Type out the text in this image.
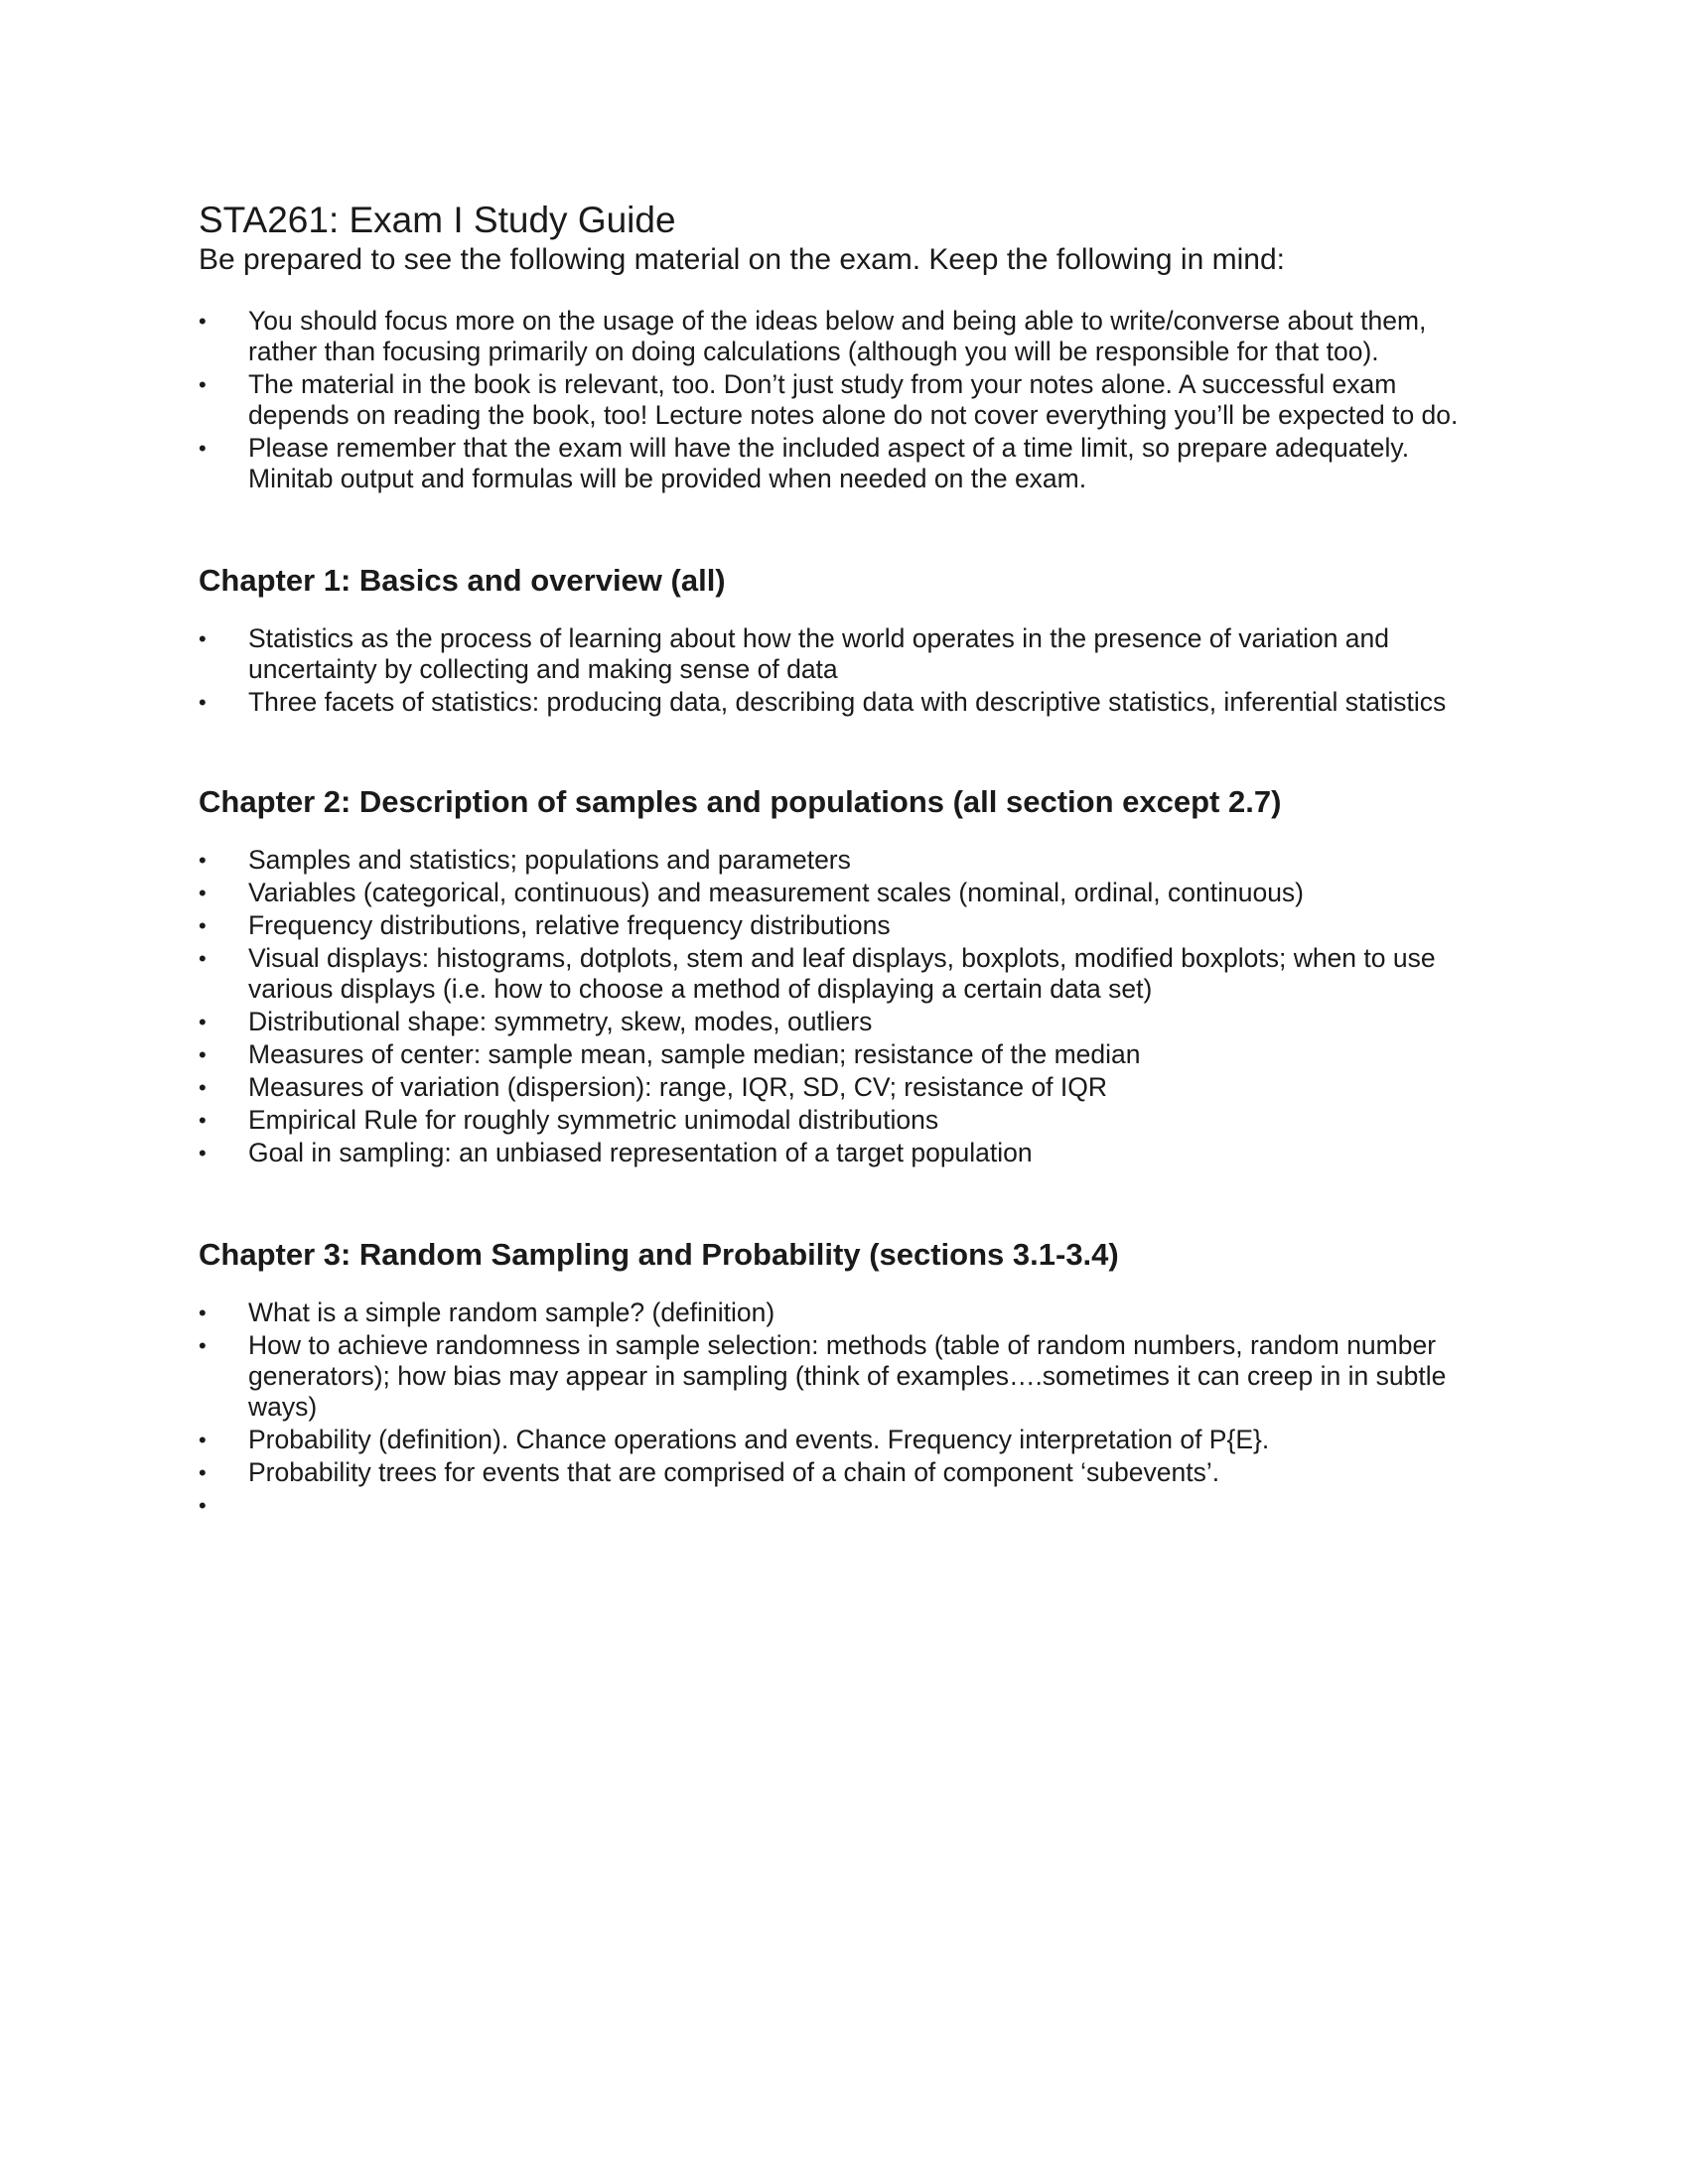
STA261: Exam I Study Guide
Be prepared to see the following material on the exam. Keep the following in mind:
•	You should focus more on the usage of the ideas below and being able to write/converse about them, rather than focusing primarily on doing calculations (although you will be responsible for that too).
•	The material in the book is relevant, too. Don’t just study from your notes alone. A successful exam depends on reading the book, too! Lecture notes alone do not cover everything you’ll be expected to do.
•	Please remember that the exam will have the included aspect of a time limit, so prepare adequately. Minitab output and formulas will be provided when needed on the exam.
Chapter 1: Basics and overview (all)
•	Statistics as the process of learning about how the world operates in the presence of variation and uncertainty by collecting and making sense of data
•	Three facets of statistics: producing data, describing data with descriptive statistics, inferential statistics
Chapter 2: Description of samples and populations (all section except 2.7)
•	Samples and statistics; populations and parameters
•	Variables (categorical, continuous) and measurement scales (nominal, ordinal, continuous)
•	Frequency distributions, relative frequency distributions
•	Visual displays: histograms, dotplots, stem and leaf displays, boxplots, modified boxplots; when to use various displays (i.e. how to choose a method of displaying a certain data set)
•	Distributional shape: symmetry, skew, modes, outliers
•	Measures of center: sample mean, sample median; resistance of the median
•	Measures of variation (dispersion): range, IQR, SD, CV; resistance of IQR
•	Empirical Rule for roughly symmetric unimodal distributions
•	Goal in sampling: an unbiased representation of a target population
Chapter 3: Random Sampling and Probability (sections 3.1-3.4)
•	What is a simple random sample? (definition)
•	How to achieve randomness in sample selection: methods (table of random numbers, random number generators); how bias may appear in sampling (think of examples….sometimes it can creep in in subtle ways)
•	Probability (definition). Chance operations and events. Frequency interpretation of P{E}.
•	Probability trees for events that are comprised of a chain of component ‘subevents’.
•
